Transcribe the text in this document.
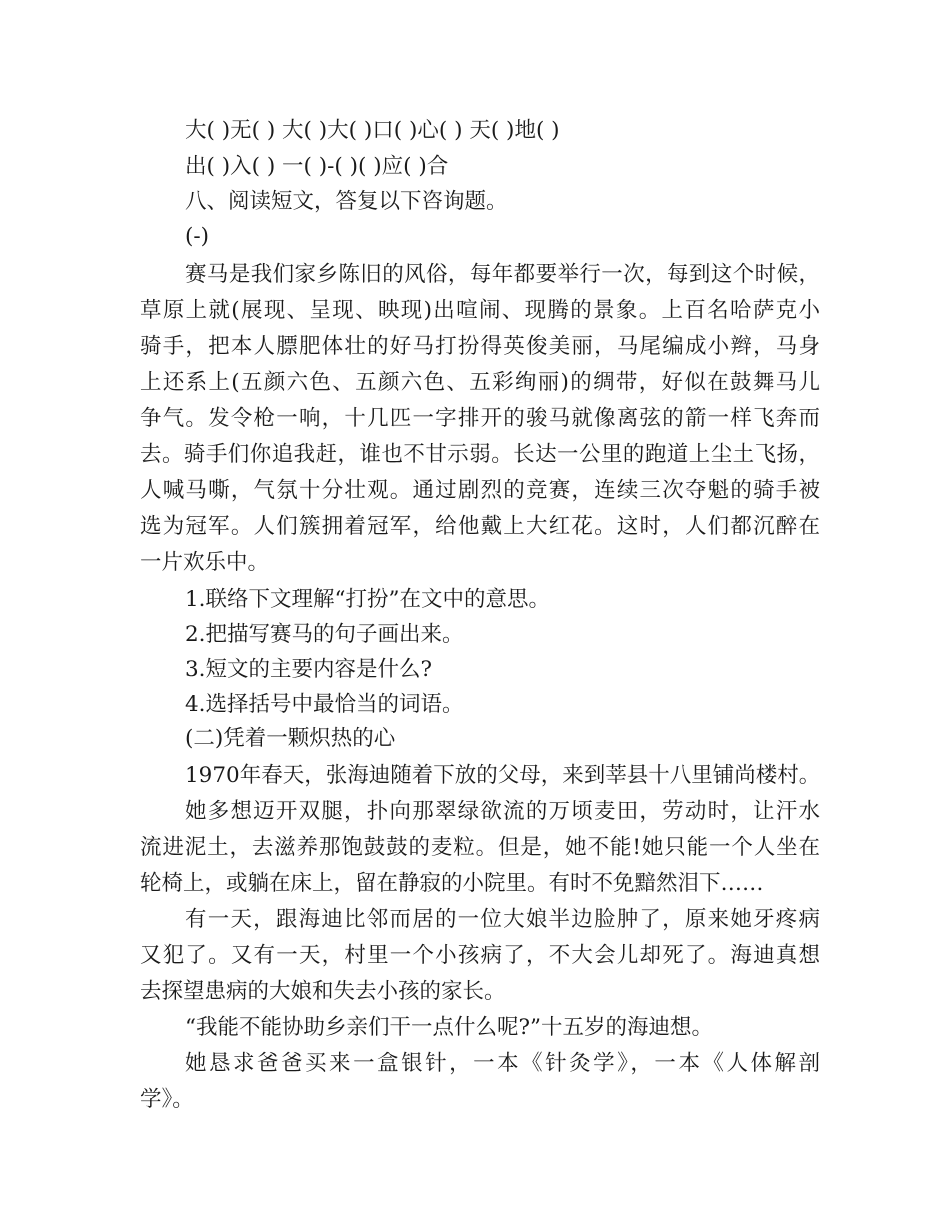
大( )无( ) 大( )大( )口( )心( ) 天( )地( )
出( )入( ) 一( )-( )( )应( )合
八、阅读短文，答复以下咨询题。
(-)
赛马是我们家乡陈旧的风俗，每年都要举行一次，每到这个时候，
草原上就(展现、呈现、映现)出喧闹、现腾的景象。上百名哈萨克小
骑手，把本人膘肥体壮的好马打扮得英俊美丽，马尾编成小辫，马身
上还系上(五颜六色、五颜六色、五彩绚丽)的绸带，好似在鼓舞马儿
争气。发令枪一响，十几匹一字排开的骏马就像离弦的箭一样飞奔而
去。骑手们你追我赶，谁也不甘示弱。长达一公里的跑道上尘土飞扬，
人喊马嘶，气氛十分壮观。通过剧烈的竞赛，连续三次夺魁的骑手被
选为冠军。人们簇拥着冠军，给他戴上大红花。这时，人们都沉醉在
一片欢乐中。
1.联络下文理解“打扮”在文中的意思。
2.把描写赛马的句子画出来。
3.短文的主要内容是什么?
4.选择括号中最恰当的词语。
(二)凭着一颗炽热的心
1970年春天，张海迪随着下放的父母，来到莘县十八里铺尚楼村。
她多想迈开双腿，扑向那翠绿欲流的万顷麦田，劳动时，让汗水
流进泥土，去滋养那饱鼓鼓的麦粒。但是，她不能!她只能一个人坐在
轮椅上，或躺在床上，留在静寂的小院里。有时不免黯然泪下……
有一天，跟海迪比邻而居的一位大娘半边脸肿了，原来她牙疼病
又犯了。又有一天，村里一个小孩病了，不大会儿却死了。海迪真想
去探望患病的大娘和失去小孩的家长。
“我能不能协助乡亲们干一点什么呢?”十五岁的海迪想。
她恳求爸爸买来一盒银针，一本《针灸学》，一本《人体解剖
学》。
